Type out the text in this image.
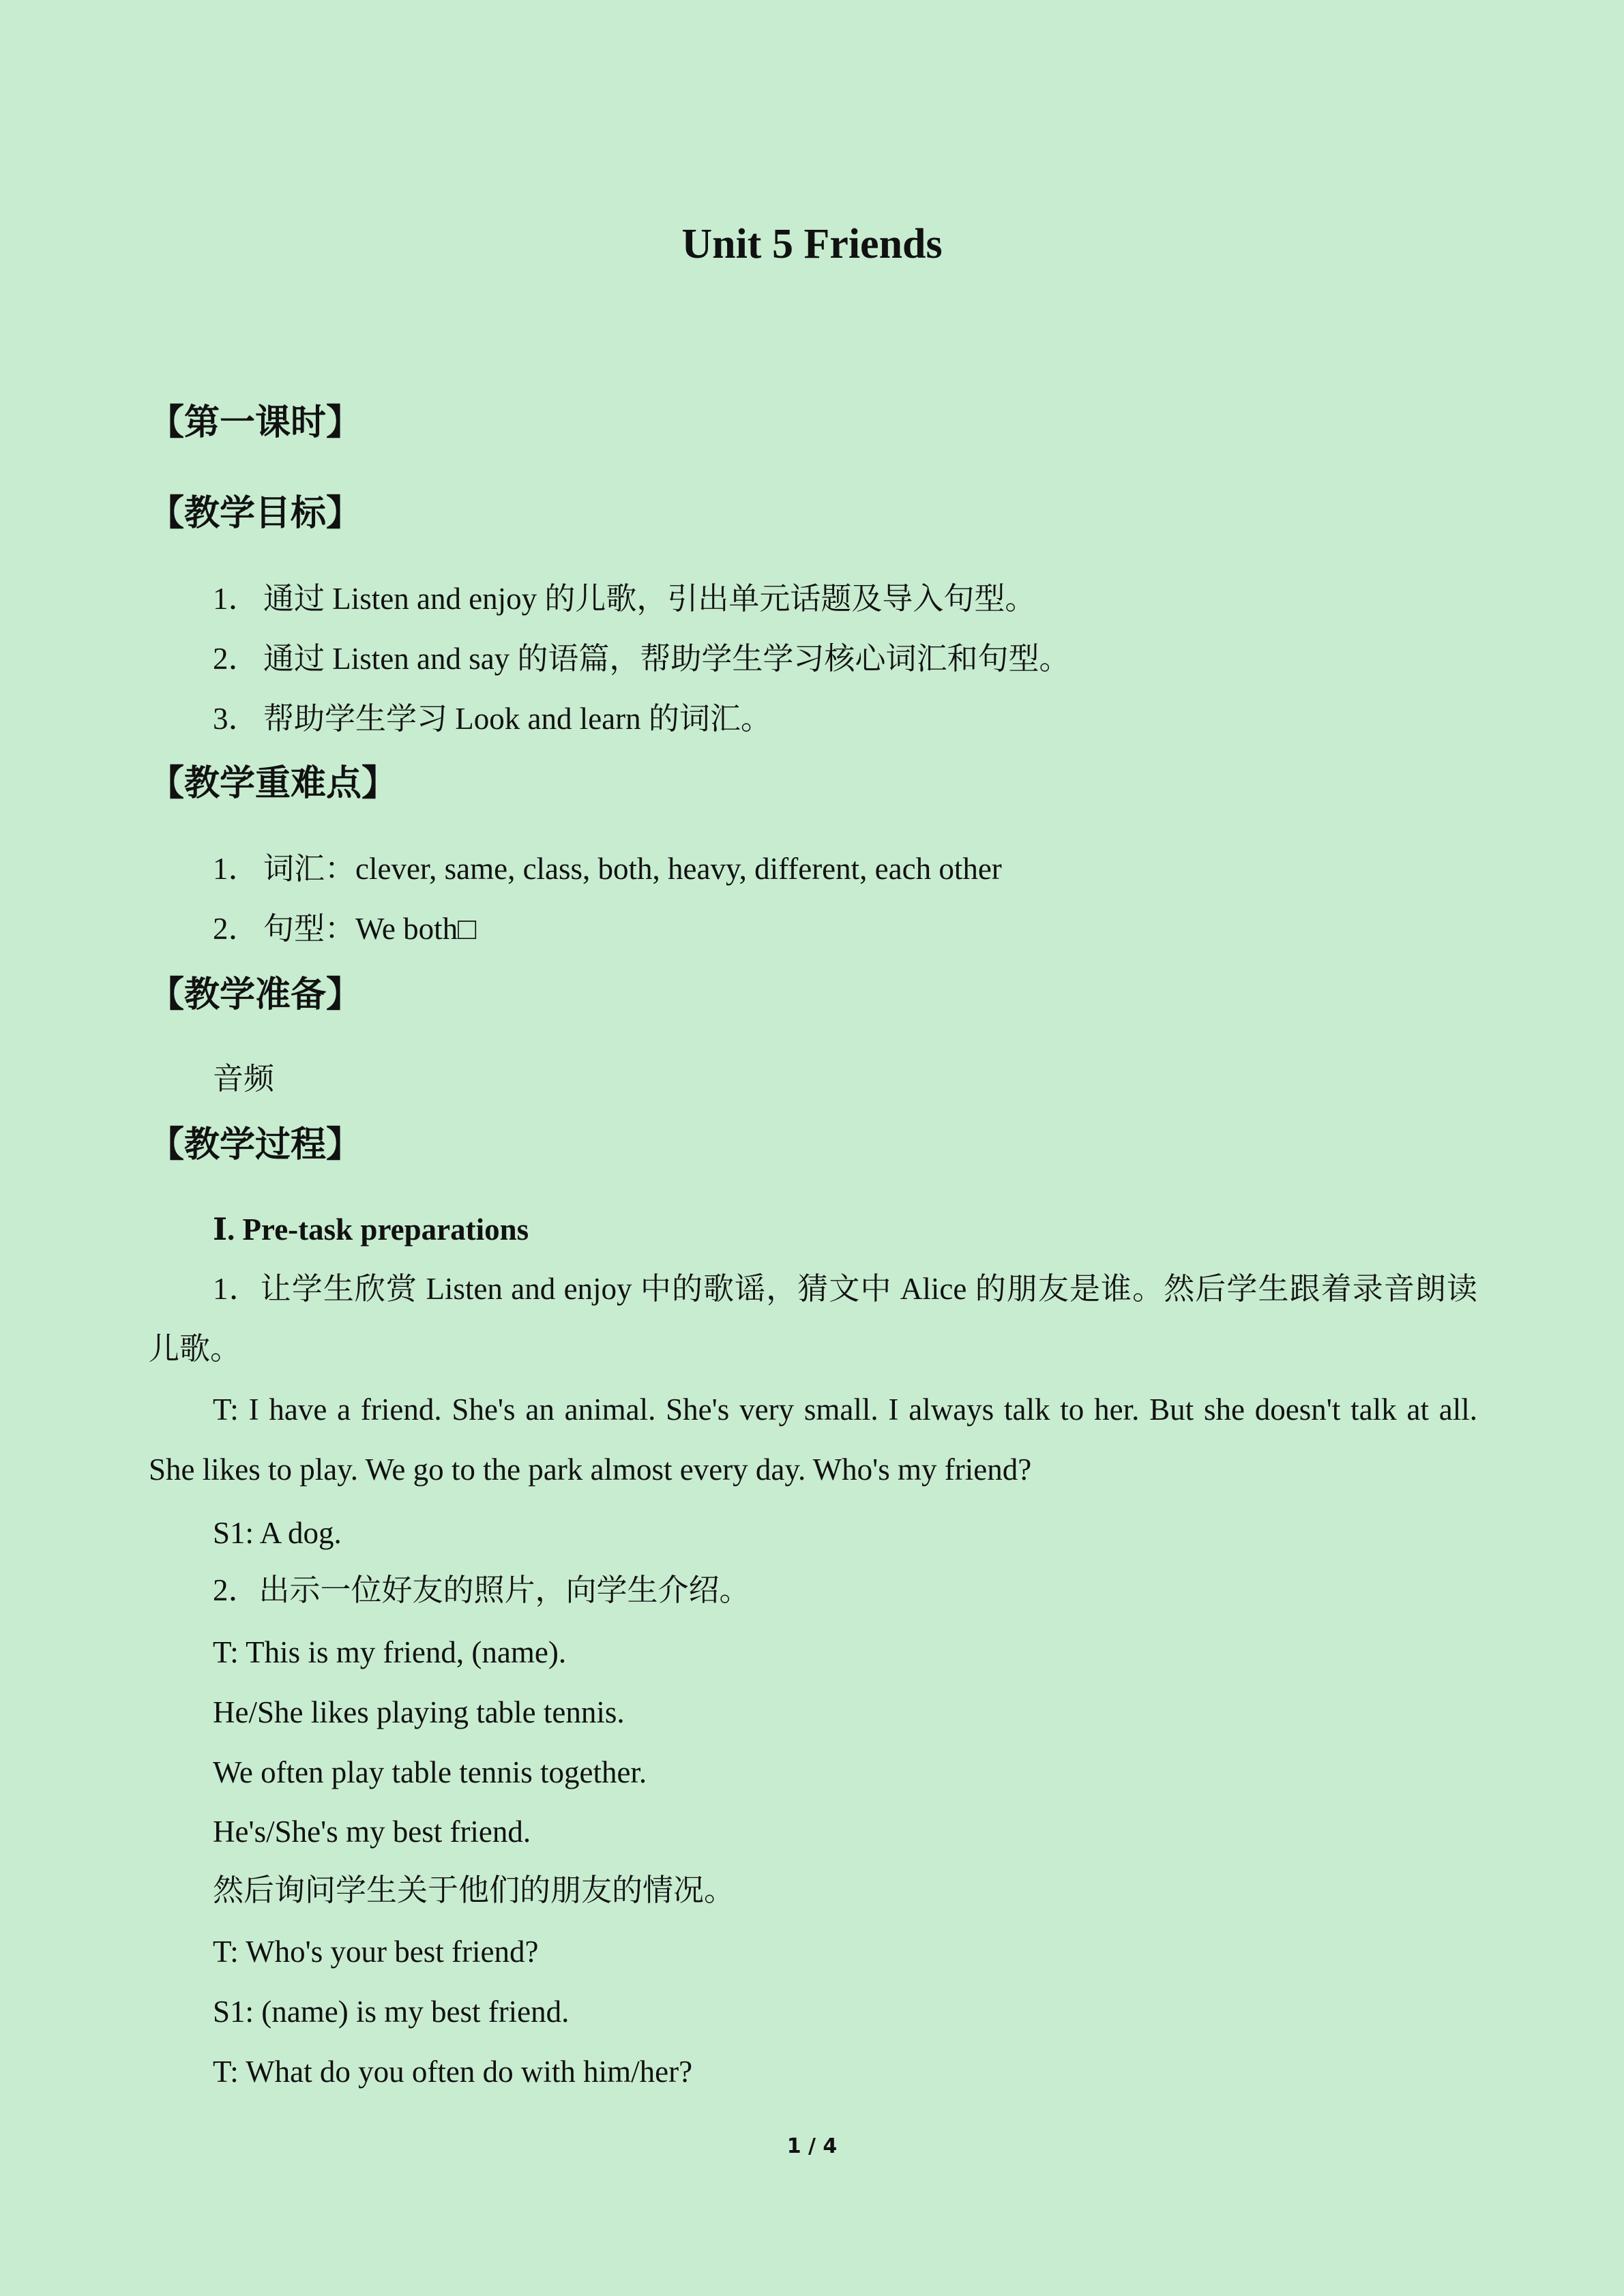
Unit 5 Friends
【第一课时】
【教学目标】

1． 通过 Listen and enjoy 的儿歌，引出单元话题及导入句型。

2． 通过 Listen and say 的语篇，帮助学生学习核心词汇和句型。

3． 帮助学生学习 Look and learn 的词汇。

【教学重难点】

1． 词汇：clever, same, class, both, heavy, different, each other

2． 句型：We both□

【教学准备】

音频

【教学过程】

Ⅰ. Pre-task preparations

1．让学生欣赏 Listen and enjoy 中的歌谣，猜文中 Alice 的朋友是谁。然后学生跟着录音朗读儿歌。

T: I have a friend. She's an animal. She's very small. I always talk to her. But she doesn't talk at all. She likes to play. We go to the park almost every day. Who's my friend?

S1: A dog.

2．出示一位好友的照片，向学生介绍。

T: This is my friend, (name).

He/She likes playing table tennis.

We often play table tennis together.

He's/She's my best friend.

然后询问学生关于他们的朋友的情况。

T: Who's your best friend?

S1: (name) is my best friend.

T: What do you often do with him/her?

1 / 4
